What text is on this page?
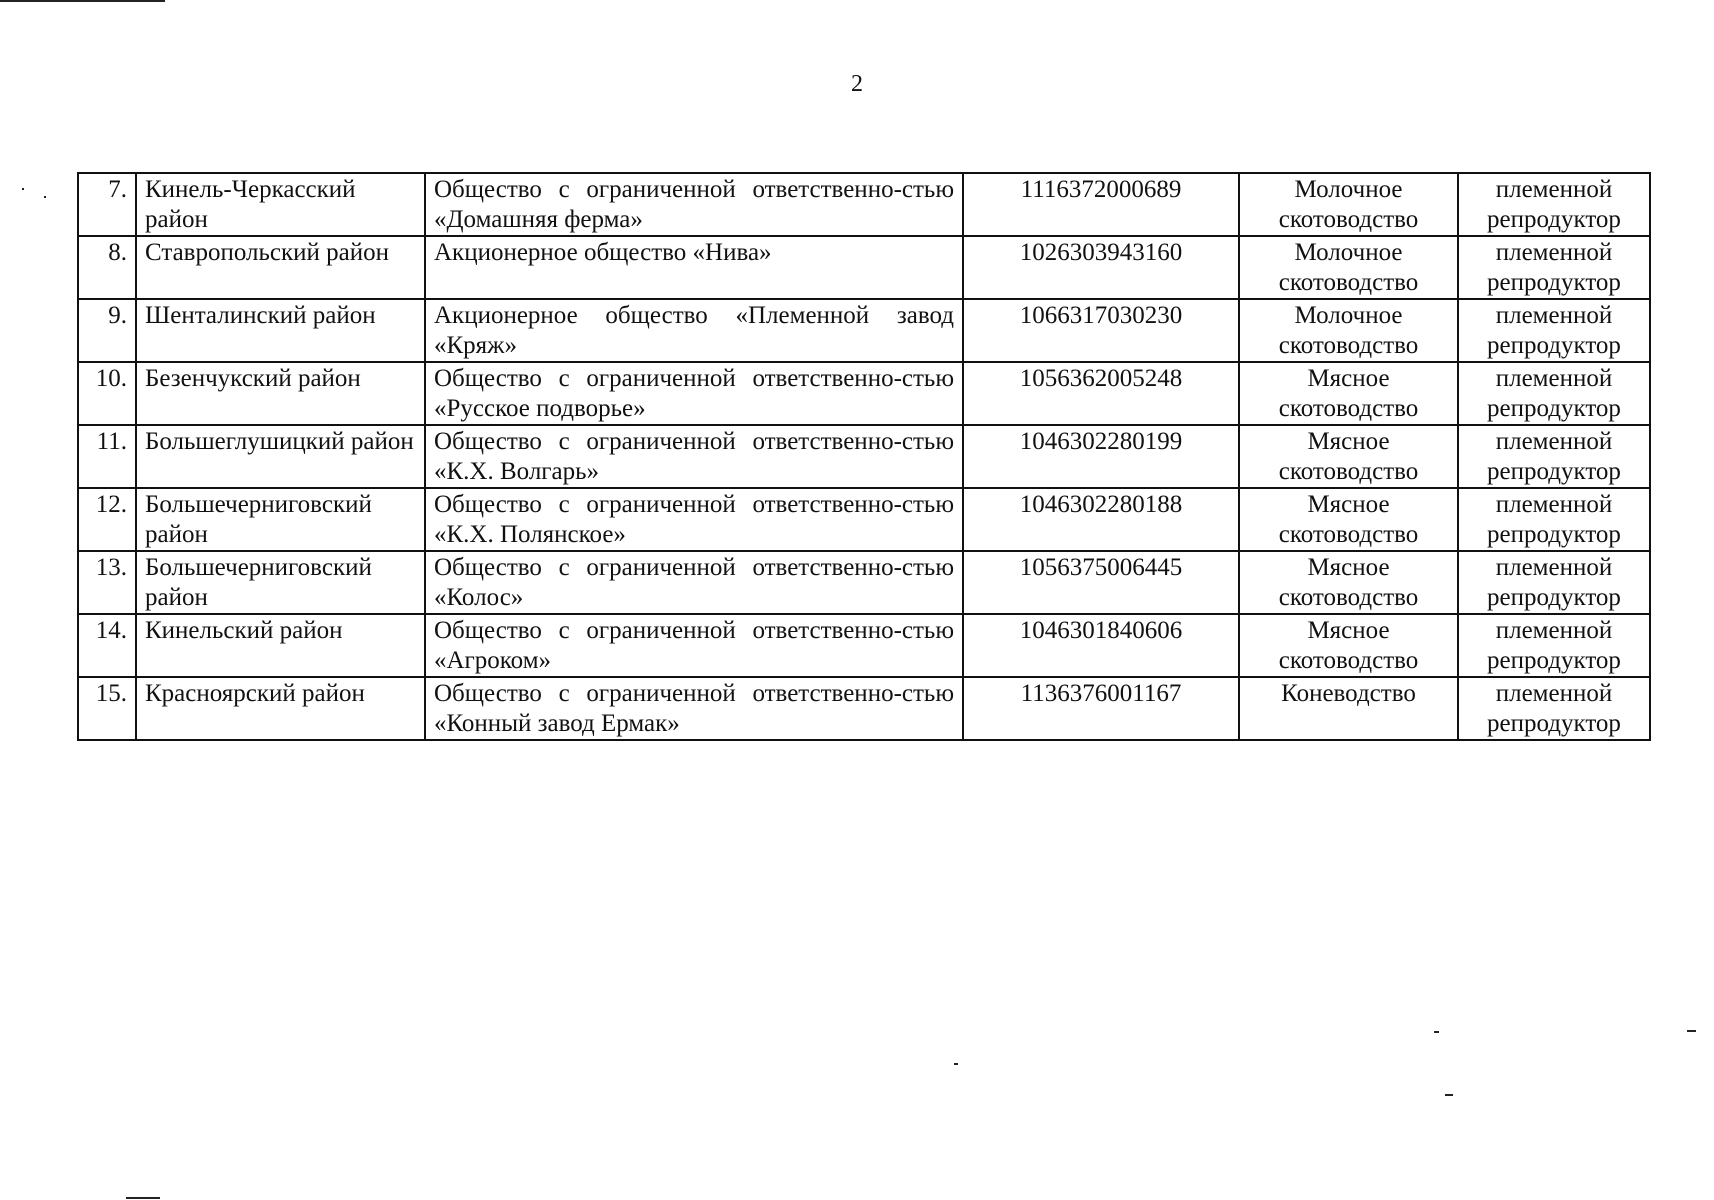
2
7.	Кинель-Черкасский район	Общество с ограниченной ответственно-стью «Домашняя ферма»	1116372000689	Молочное скотоводство	племенной репродуктор
8.	Ставропольский район	Акционерное общество «Нива»	1026303943160	Молочное скотоводство	племенной репродуктор
9.	Шенталинский район	Акционерное общество «Племенной завод «Кряж»	1066317030230	Молочное скотоводство	племенной репродуктор
10.	Безенчукский район	Общество с ограниченной ответственно-стью «Русское подворье»	1056362005248	Мясное скотоводство	племенной репродуктор
11.	Большеглушицкий район	Общество с ограниченной ответственно-стью «К.Х. Волгарь»	1046302280199	Мясное скотоводство	племенной репродуктор
12.	Большечерниговский район	Общество с ограниченной ответственно-стью «К.Х. Полянское»	1046302280188	Мясное скотоводство	племенной репродуктор
13.	Большечерниговский район	Общество с ограниченной ответственно-стью «Колос»	1056375006445	Мясное скотоводство	племенной репродуктор
14.	Кинельский район	Общество с ограниченной ответственно-стью «Агроком»	1046301840606	Мясное скотоводство	племенной репродуктор
15.	Красноярский район	Общество с ограниченной ответственно-стью «Конный завод Ермак»	1136376001167	Коневодство	племенной репродуктор
